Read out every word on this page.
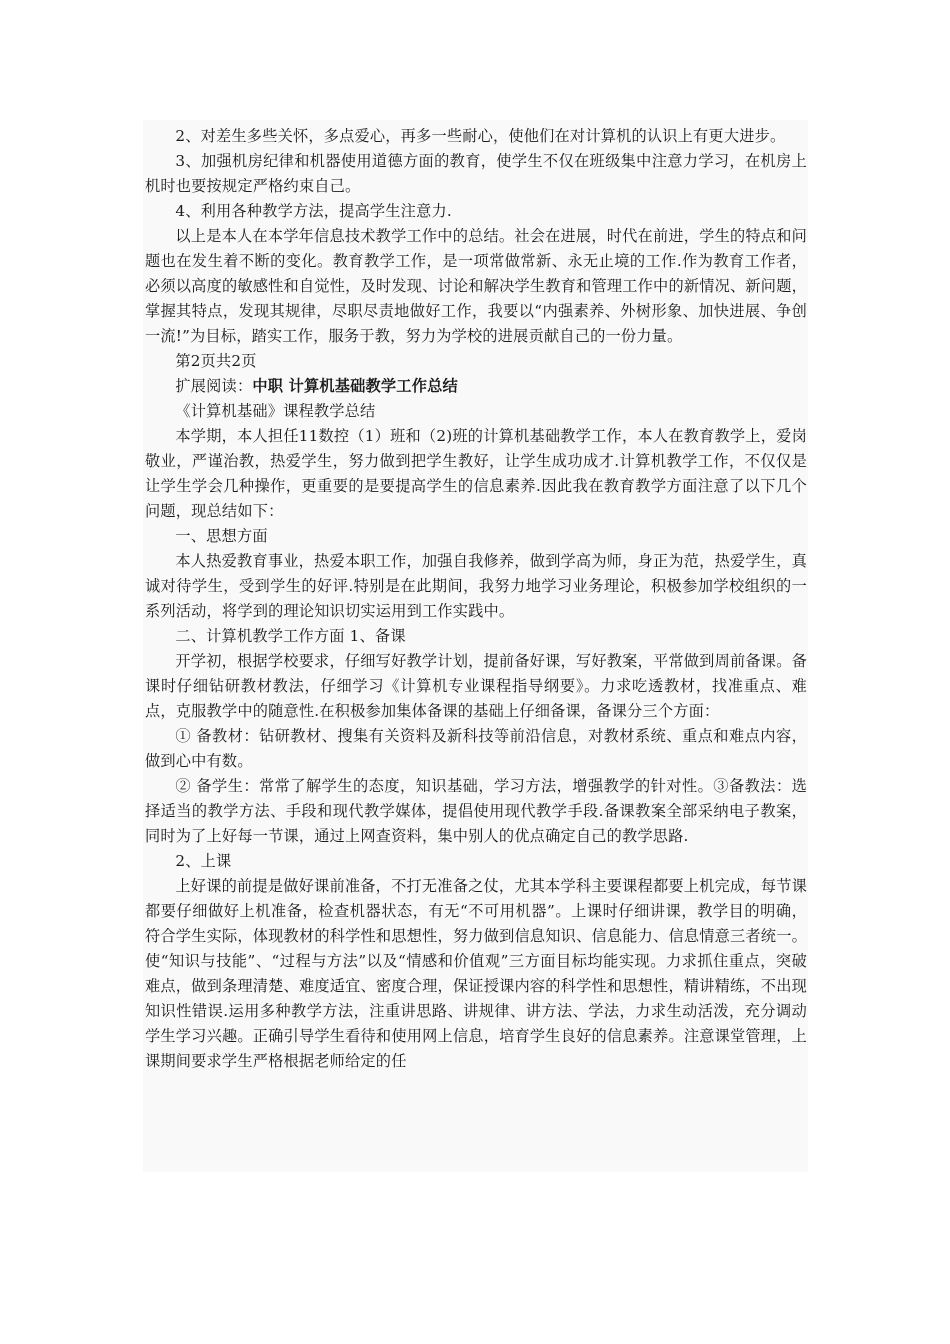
2、对差生多些关怀，多点爱心，再多一些耐心，使他们在对计算机的认识上有更大进步。

3、加强机房纪律和机器使用道德方面的教育，使学生不仅在班级集中注意力学习，在机房上机时也要按规定严格约束自己。

4、利用各种教学方法，提高学生注意力.

以上是本人在本学年信息技术教学工作中的总结。社会在进展，时代在前进，学生的特点和问题也在发生着不断的变化。教育教学工作，是一项常做常新、永无止境的工作.作为教育工作者，必须以高度的敏感性和自觉性，及时发现、讨论和解决学生教育和管理工作中的新情况、新问题，掌握其特点，发现其规律，尽职尽责地做好工作，我要以“内强素养、外树形象、加快进展、争创一流!”为目标，踏实工作，服务于教，努力为学校的进展贡献自己的一份力量。

第2页共2页

扩展阅读：中职 计算机基础教学工作总结

《计算机基础》课程教学总结

本学期，本人担任11数控（1）班和（2)班的计算机基础教学工作，本人在教育教学上，爱岗敬业，严谨治教，热爱学生，努力做到把学生教好，让学生成功成才.计算机教学工作，不仅仅是让学生学会几种操作，更重要的是要提高学生的信息素养.因此我在教育教学方面注意了以下几个问题，现总结如下：

一、思想方面

本人热爱教育事业，热爱本职工作，加强自我修养，做到学高为师，身正为范，热爱学生，真诚对待学生，受到学生的好评.特别是在此期间，我努力地学习业务理论，积极参加学校组织的一系列活动，将学到的理论知识切实运用到工作实践中。

二、计算机教学工作方面 1、备课

开学初，根据学校要求，仔细写好教学计划，提前备好课，写好教案，平常做到周前备课。备课时仔细钻研教材教法，仔细学习《计算机专业课程指导纲要》。力求吃透教材，找准重点、难点，克服教学中的随意性.在积极参加集体备课的基础上仔细备课，备课分三个方面：

① 备教材：钻研教材、搜集有关资料及新科技等前沿信息，对教材系统、重点和难点内容，做到心中有数。

② 备学生：常常了解学生的态度，知识基础，学习方法，增强教学的针对性。③备教法：选择适当的教学方法、手段和现代教学媒体，提倡使用现代教学手段.备课教案全部采纳电子教案，同时为了上好每一节课，通过上网查资料，集中别人的优点确定自己的教学思路.

2、上课

上好课的前提是做好课前准备，不打无准备之仗，尤其本学科主要课程都要上机完成，每节课都要仔细做好上机准备，检查机器状态，有无“不可用机器”。上课时仔细讲课，教学目的明确，符合学生实际，体现教材的科学性和思想性，努力做到信息知识、信息能力、信息情意三者统一。使“知识与技能”、“过程与方法”以及“情感和价值观”三方面目标均能实现。力求抓住重点，突破难点，做到条理清楚、难度适宜、密度合理，保证授课内容的科学性和思想性，精讲精练，不出现知识性错误.运用多种教学方法，注重讲思路、讲规律、讲方法、学法，力求生动活泼，充分调动学生学习兴趣。正确引导学生看待和使用网上信息，培育学生良好的信息素养。注意课堂管理，上课期间要求学生严格根据老师给定的任
